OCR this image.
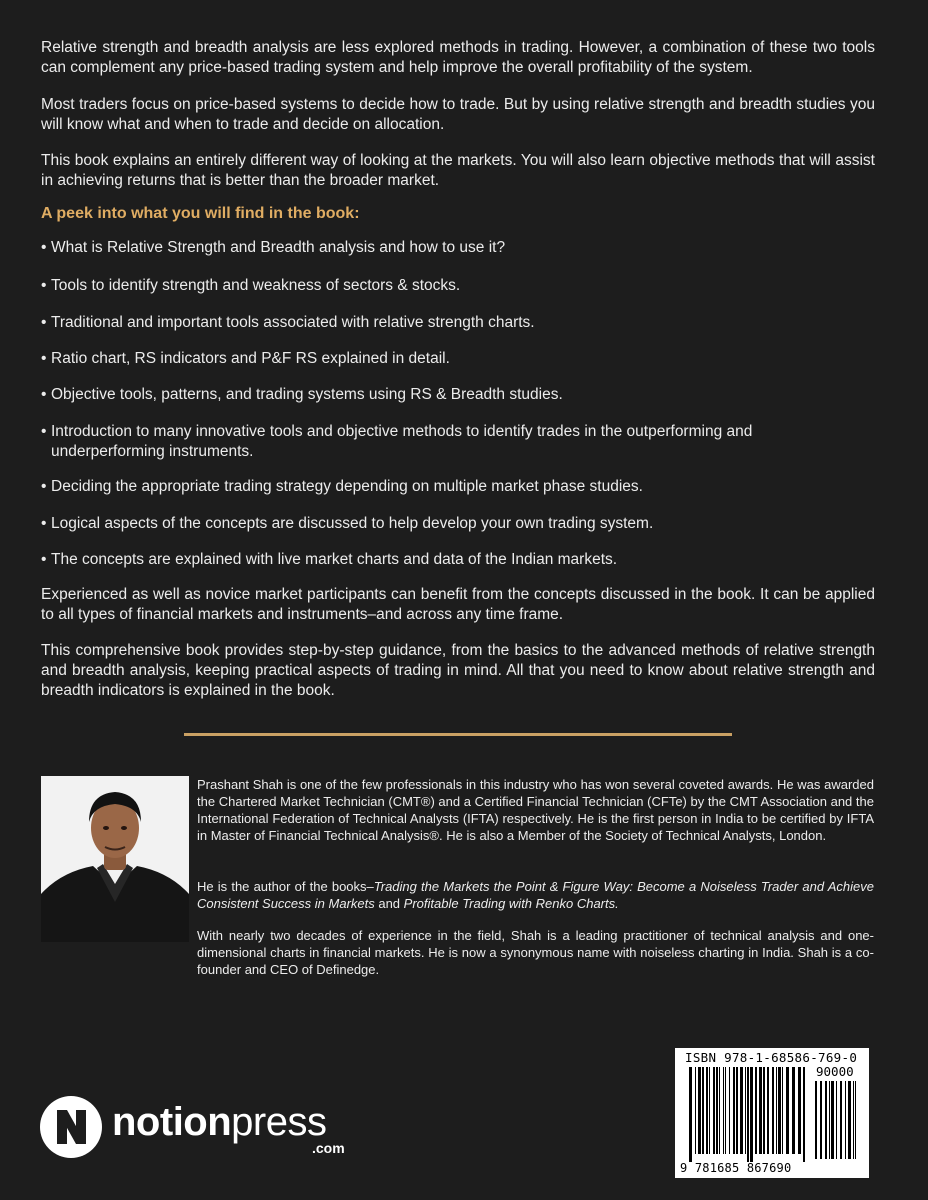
Relative strength and breadth analysis are less explored methods in trading. However, a combination of these two tools can complement any price-based trading system and help improve the overall profitability of the system.

Most traders focus on price-based systems to decide how to trade. But by using relative strength and breadth studies you will know what and when to trade and decide on allocation.

This book explains an entirely different way of looking at the markets. You will also learn objective methods that will assist in achieving returns that is better than the broader market.

A peek into what you will find in the book:

• What is Relative Strength and Breadth analysis and how to use it?
• Tools to identify strength and weakness of sectors & stocks.
• Traditional and important tools associated with relative strength charts.
• Ratio chart, RS indicators and P&F RS explained in detail.
• Objective tools, patterns, and trading systems using RS & Breadth studies.
• Introduction to many innovative tools and objective methods to identify trades in the outperforming and underperforming instruments.
• Deciding the appropriate trading strategy depending on multiple market phase studies.
• Logical aspects of the concepts are discussed to help develop your own trading system.
• The concepts are explained with live market charts and data of the Indian markets.

Experienced as well as novice market participants can benefit from the concepts discussed in the book. It can be applied to all types of financial markets and instruments–and across any time frame.

This comprehensive book provides step-by-step guidance, from the basics to the advanced methods of relative strength and breadth analysis, keeping practical aspects of trading in mind. All that you need to know about relative strength and breadth indicators is explained in the book.

Prashant Shah is one of the few professionals in this industry who has won several coveted awards. He was awarded the Chartered Market Technician (CMT®) and a Certified Financial Technician (CFTe) by the CMT Association and the International Federation of Technical Analysts (IFTA) respectively. He is the first person in India to be certified by IFTA in Master of Financial Technical Analysis®. He is also a Member of the Society of Technical Analysts, London.

He is the author of the books–Trading the Markets the Point & Figure Way: Become a Noiseless Trader and Achieve Consistent Success in Markets and Profitable Trading with Renko Charts.

With nearly two decades of experience in the field, Shah is a leading practitioner of technical analysis and one-dimensional charts in financial markets. He is now a synonymous name with noiseless charting in India. Shah is a co-founder and CEO of Definedge.

notionpress
.com
ISBN 978-1-68586-769-0
90000
9 781685 867690
